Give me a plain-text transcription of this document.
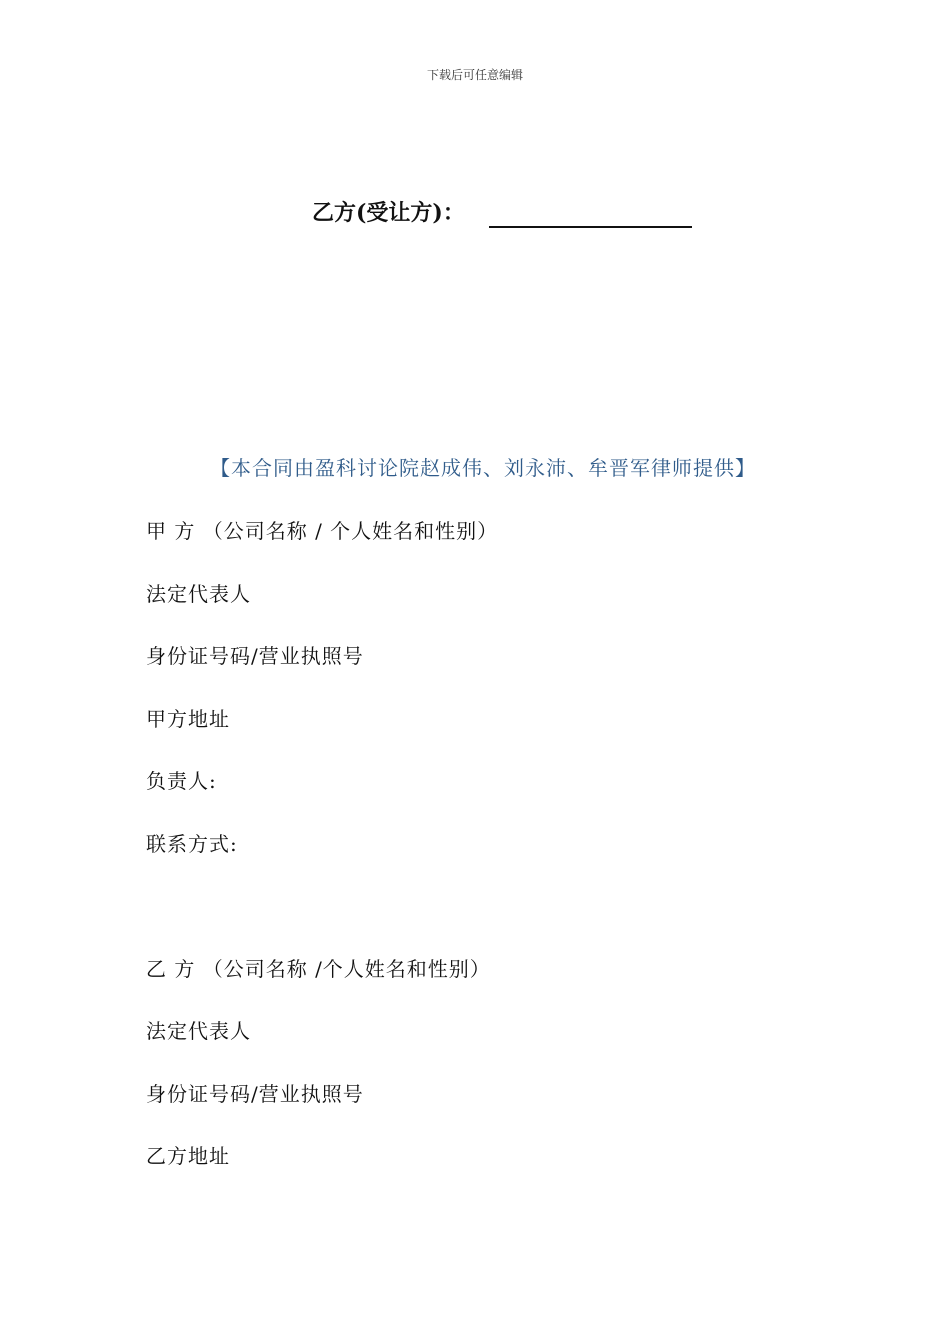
下载后可任意编辑
乙方(受让方)：
【本合同由盈科讨论院赵成伟、刘永沛、牟晋军律师提供】
甲 方 （公司名称 / 个人姓名和性别）
法定代表人
身份证号码/营业执照号
甲方地址
负责人:
联系方式:
乙 方 （公司名称 /个人姓名和性别）
法定代表人
身份证号码/营业执照号
乙方地址
